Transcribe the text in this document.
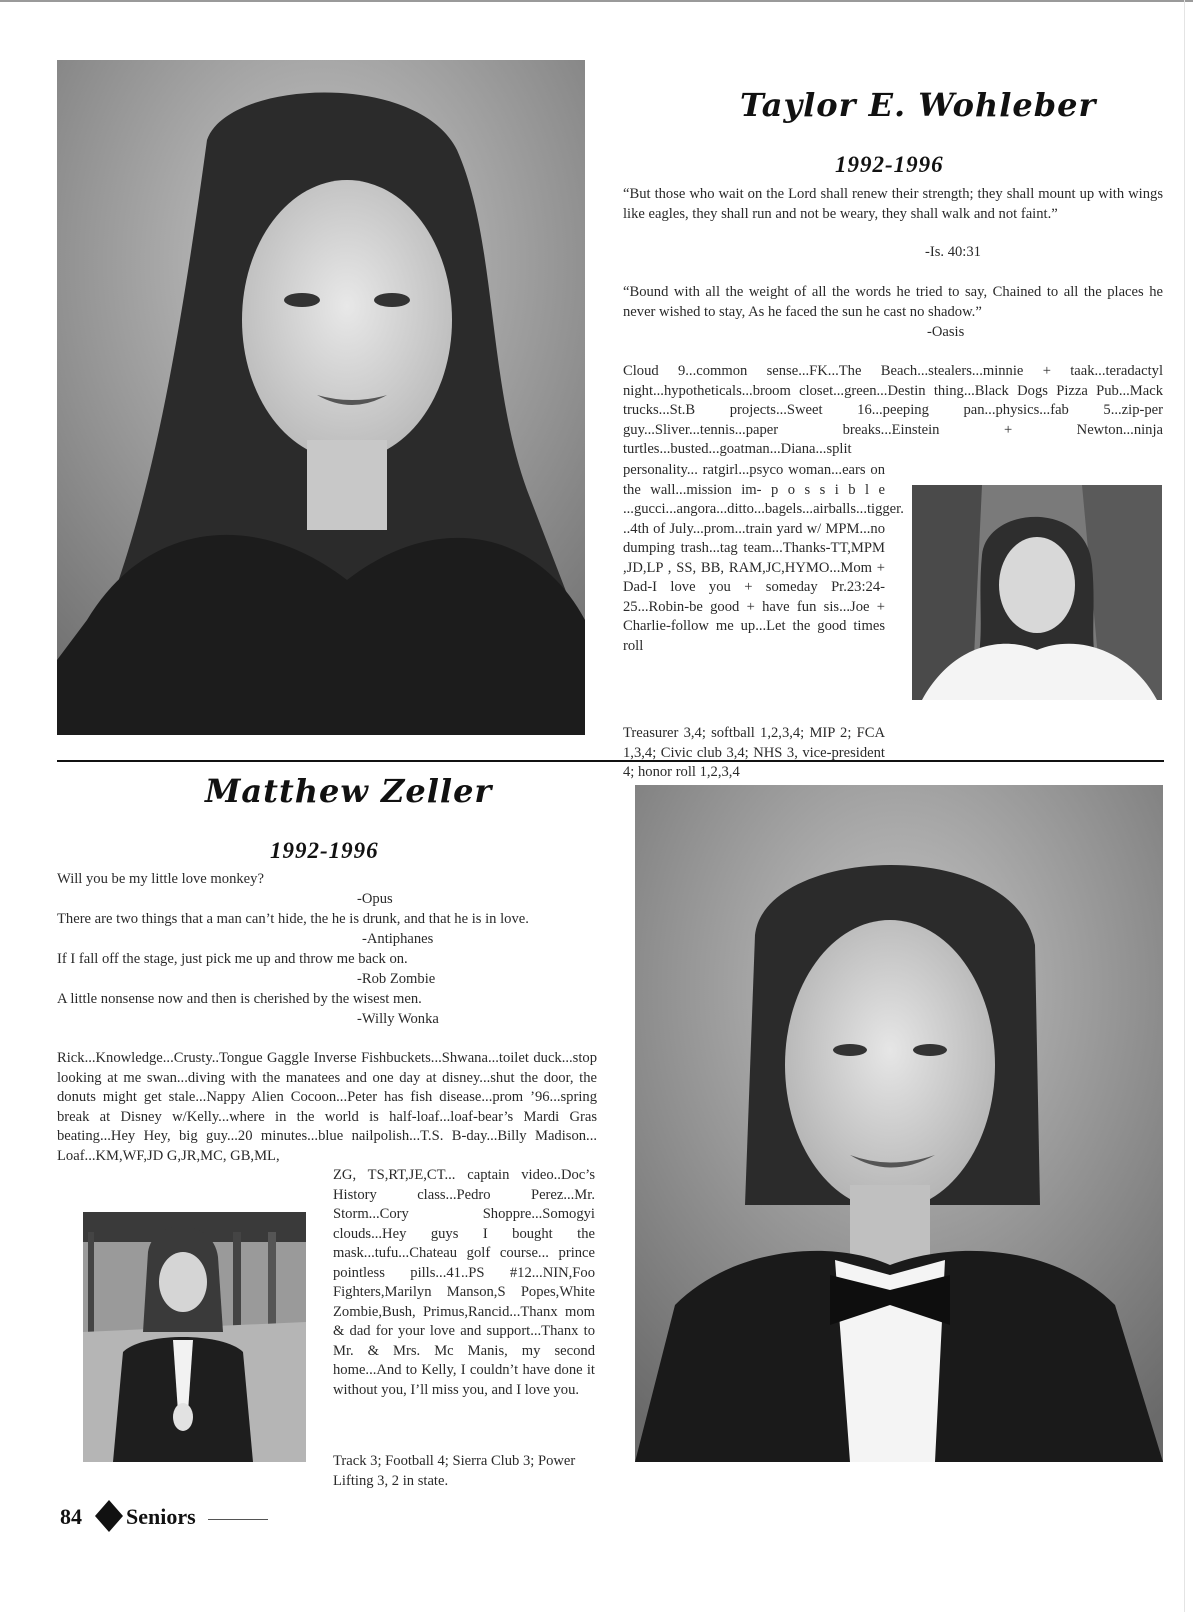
Taylor E. Wohleber
1992-1996
“But those who wait on the Lord shall renew their strength; they shall mount up with wings like eagles, they shall run and not be weary, they shall walk and not faint.”
-Is. 40:31
“Bound with all the weight of all the words he tried to say, Chained to all the places he never wished to stay, As he faced the sun he cast no shadow.”
-Oasis
Cloud 9...common sense...FK...The Beach...stealers...minnie + taak...teradactyl night...hypotheticals...broom closet...green...Destin thing...Black Dogs Pizza Pub...Mack trucks...St.B projects...Sweet 16...peeping pan...physics...fab 5...zip-per guy...Sliver...tennis...paper breaks...Einstein + Newton...ninja turtles...busted...goatman...Diana...split
personality... ratgirl...psyco woman...ears on the wall...mission im- p o s s i b l e ...gucci...angora...ditto...bagels...airballs...tigger. ..4th of July...prom...train yard w/ MPM...no dumping trash...tag team...Thanks-TT,MPM ,JD,LP , SS, BB, RAM,JC,HYMO...Mom + Dad-I love you + someday Pr.23:24-25...Robin-be good + have fun sis...Joe + Charlie-follow me up...Let the good times roll
Treasurer 3,4; softball 1,2,3,4; MIP 2; FCA 1,3,4; Civic club 3,4; NHS 3, vice-president 4; honor roll 1,2,3,4
Matthew Zeller
1992-1996
Will you be my little love monkey?
-Opus
There are two things that a man can’t hide, the he is drunk, and that he is in love.
-Antiphanes
If I fall off the stage, just pick me up and throw me back on.
-Rob Zombie
A little nonsense now and then is cherished by the wisest men.
-Willy Wonka
Rick...Knowledge...Crusty..Tongue Gaggle Inverse Fishbuckets...Shwana...toilet duck...stop looking at me swan...diving with the manatees and one day at disney...shut the door, the donuts might get stale...Nappy Alien Cocoon...Peter has fish disease...prom ’96...spring break at Disney w/Kelly...where in the world is half-loaf...loaf-bear’s Mardi Gras beating...Hey Hey, big guy...20 minutes...blue nailpolish...T.S. B-day...Billy Madison... Loaf...KM,WF,JD G,JR,MC, GB,ML,
ZG, TS,RT,JE,CT... captain video..Doc’s History class...Pedro Perez...Mr. Storm...Cory Shoppre...Somogyi clouds...Hey guys I bought the mask...tufu...Chateau golf course... prince pointless pills...41..PS #12...NIN,Foo Fighters,Marilyn Manson,S Popes,White Zombie,Bush, Primus,Rancid...Thanx mom & dad for your love and support...Thanx to Mr. & Mrs. Mc Manis, my second home...And to Kelly, I couldn’t have done it without you, I’ll miss you, and I love you.
Track 3; Football 4; Sierra Club 3; Power Lifting 3, 2 in state.
84 Seniors
